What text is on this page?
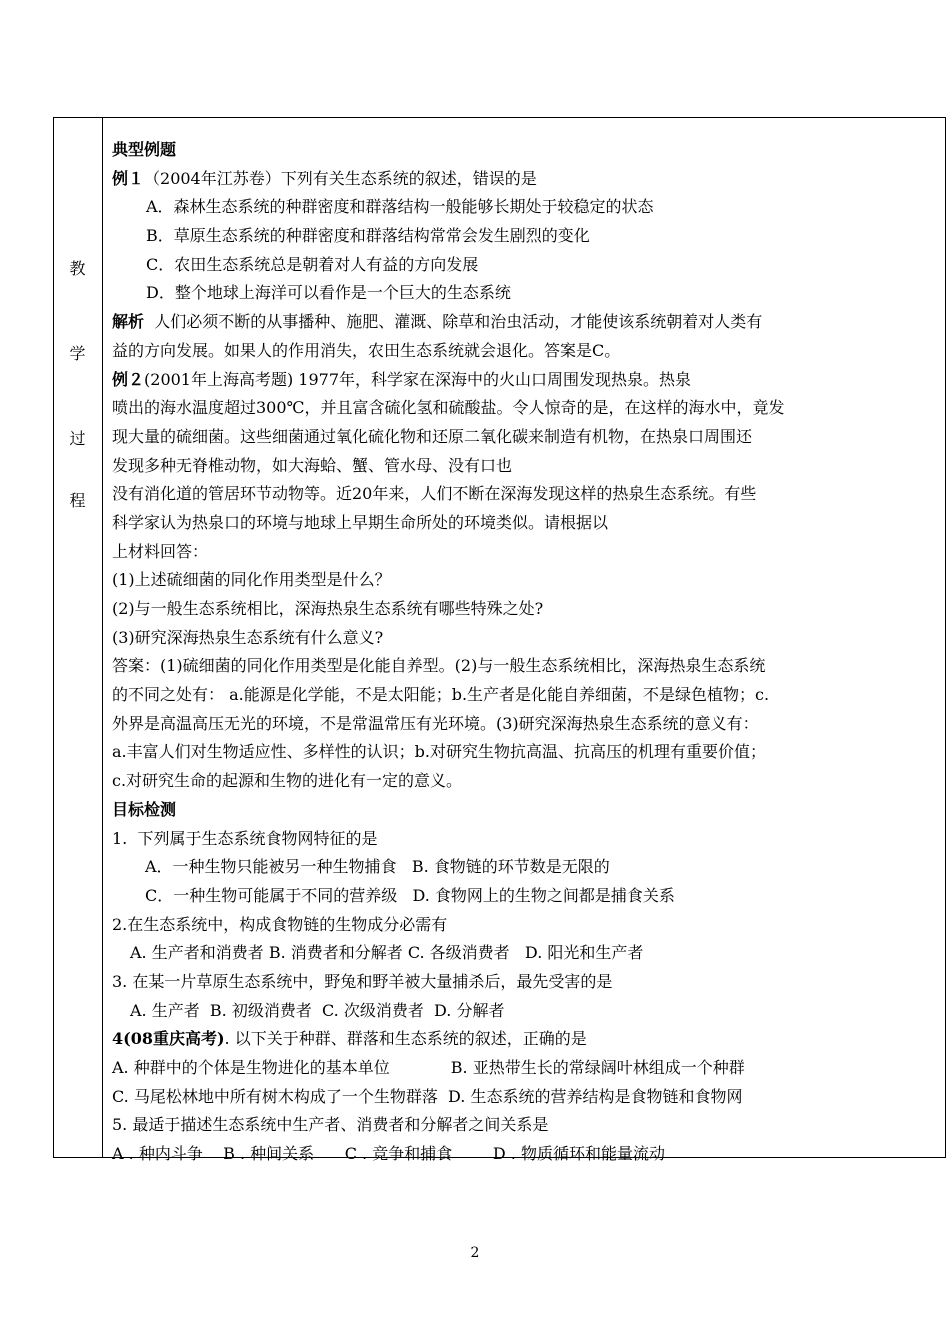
教
学
过
程
典型例题
例１（2004年江苏卷）下列有关生态系统的叙述，错误的是
A．森林生态系统的种群密度和群落结构一般能够长期处于较稳定的状态
B．草原生态系统的种群密度和群落结构常常会发生剧烈的变化
C．农田生态系统总是朝着对人有益的方向发展
D．整个地球上海洋可以看作是一个巨大的生态系统
解析  人们必须不断的从事播种、施肥、灌溉、除草和治虫活动，才能使该系统朝着对人类有
益的方向发展。如果人的作用消失，农田生态系统就会退化。答案是C。
例２(2001年上海高考题) 1977年，科学家在深海中的火山口周围发现热泉。热泉
喷出的海水温度超过300℃，并且富含硫化氢和硫酸盐。令人惊奇的是，在这样的海水中，竟发
现大量的硫细菌。这些细菌通过氧化硫化物和还原二氧化碳来制造有机物，在热泉口周围还
发现多种无脊椎动物，如大海蛤、蟹、管水母、没有口也
没有消化道的管居环节动物等。近20年来，人们不断在深海发现这样的热泉生态系统。有些
科学家认为热泉口的环境与地球上早期生命所处的环境类似。请根据以
上材料回答：
(1)上述硫细菌的同化作用类型是什么？
(2)与一般生态系统相比，深海热泉生态系统有哪些特殊之处?
(3)研究深海热泉生态系统有什么意义?
答案：(1)硫细菌的同化作用类型是化能自养型。(2)与一般生态系统相比，深海热泉生态系统
的不同之处有： a.能源是化学能，不是太阳能；b.生产者是化能自养细菌，不是绿色植物；c.
外界是高温高压无光的环境，不是常温常压有光环境。(3)研究深海热泉生态系统的意义有：
a.丰富人们对生物适应性、多样性的认识；b.对研究生物抗高温、抗高压的机理有重要价值；
c.对研究生命的起源和生物的进化有一定的意义。
目标检测
1.  下列属于生态系统食物网特征的是
A．一种生物只能被另一种生物捕食   B. 食物链的环节数是无限的
C．一种生物可能属于不同的营养级   D. 食物网上的生物之间都是捕食关系
2.在生态系统中，构成食物链的生物成分必需有
A. 生产者和消费者 B. 消费者和分解者 C. 各级消费者   D. 阳光和生产者
3. 在某一片草原生态系统中，野兔和野羊被大量捕杀后，最先受害的是
A. 生产者  B. 初级消费者  C. 次级消费者  D. 分解者
4(08重庆高考). 以下关于种群、群落和生态系统的叙述，正确的是
A. 种群中的个体是生物进化的基本单位            B. 亚热带生长的常绿阔叶林组成一个种群
C. 马尾松林地中所有树木构成了一个生物群落  D. 生态系统的营养结构是食物链和食物网
5. 最适于描述生态系统中生产者、消费者和分解者之间关系是
A . 种内斗争    B . 种间关系      C . 竞争和捕食        D . 物质循环和能量流动
2
